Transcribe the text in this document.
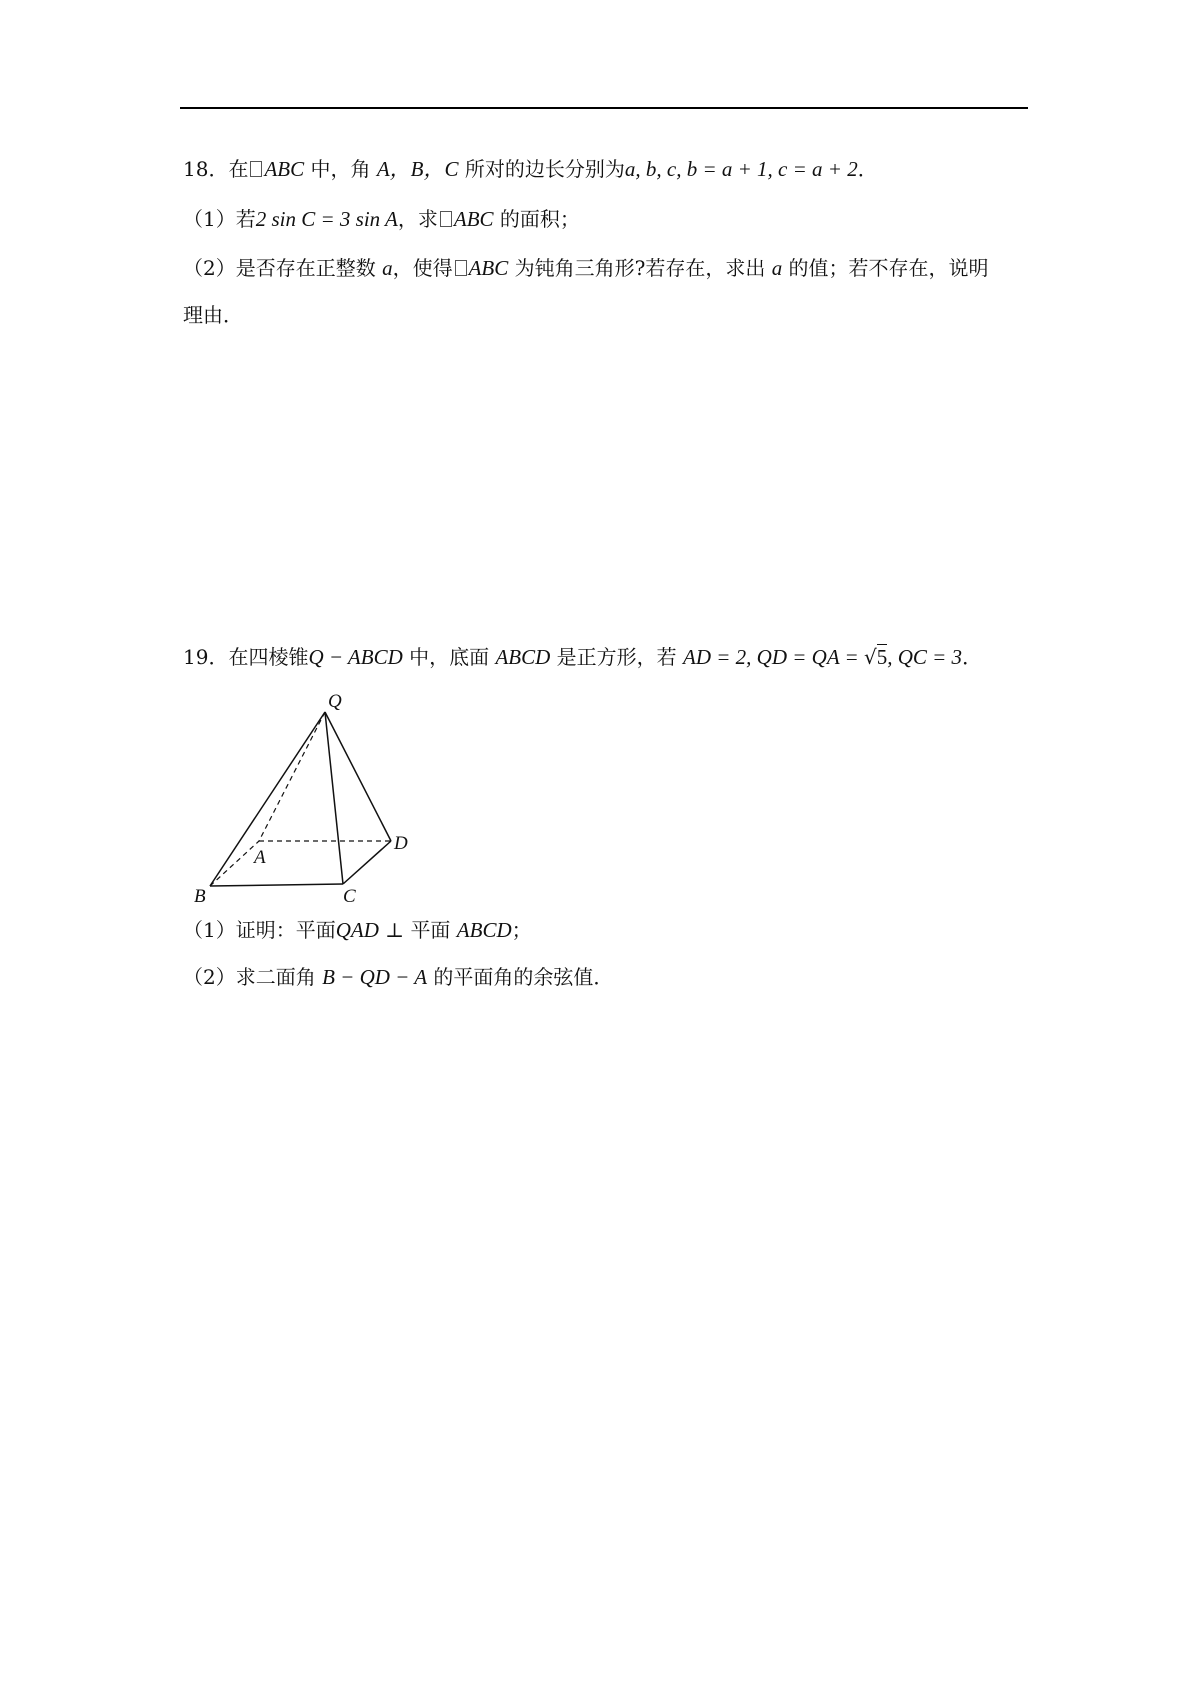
18．在 ABC 中，角 A，B，C 所对的边长分别为a, b, c, b = a + 1, c = a + 2．
（1）若2 sin C = 3 sin A，求 ABC 的面积；
（2）是否存在正整数 a，使得 ABC 为钝角三角形?若存在，求出 a 的值；若不存在，说明
理由．
19．在四棱锥Q − ABCD 中，底面 ABCD 是正方形，若 AD = 2, QD = QA = √5, QC = 3．
Q
A
D
B	C
（1）证明：平面QAD ⊥ 平面 ABCD；
（2）求二面角 B − QD − A 的平面角的余弦值．
